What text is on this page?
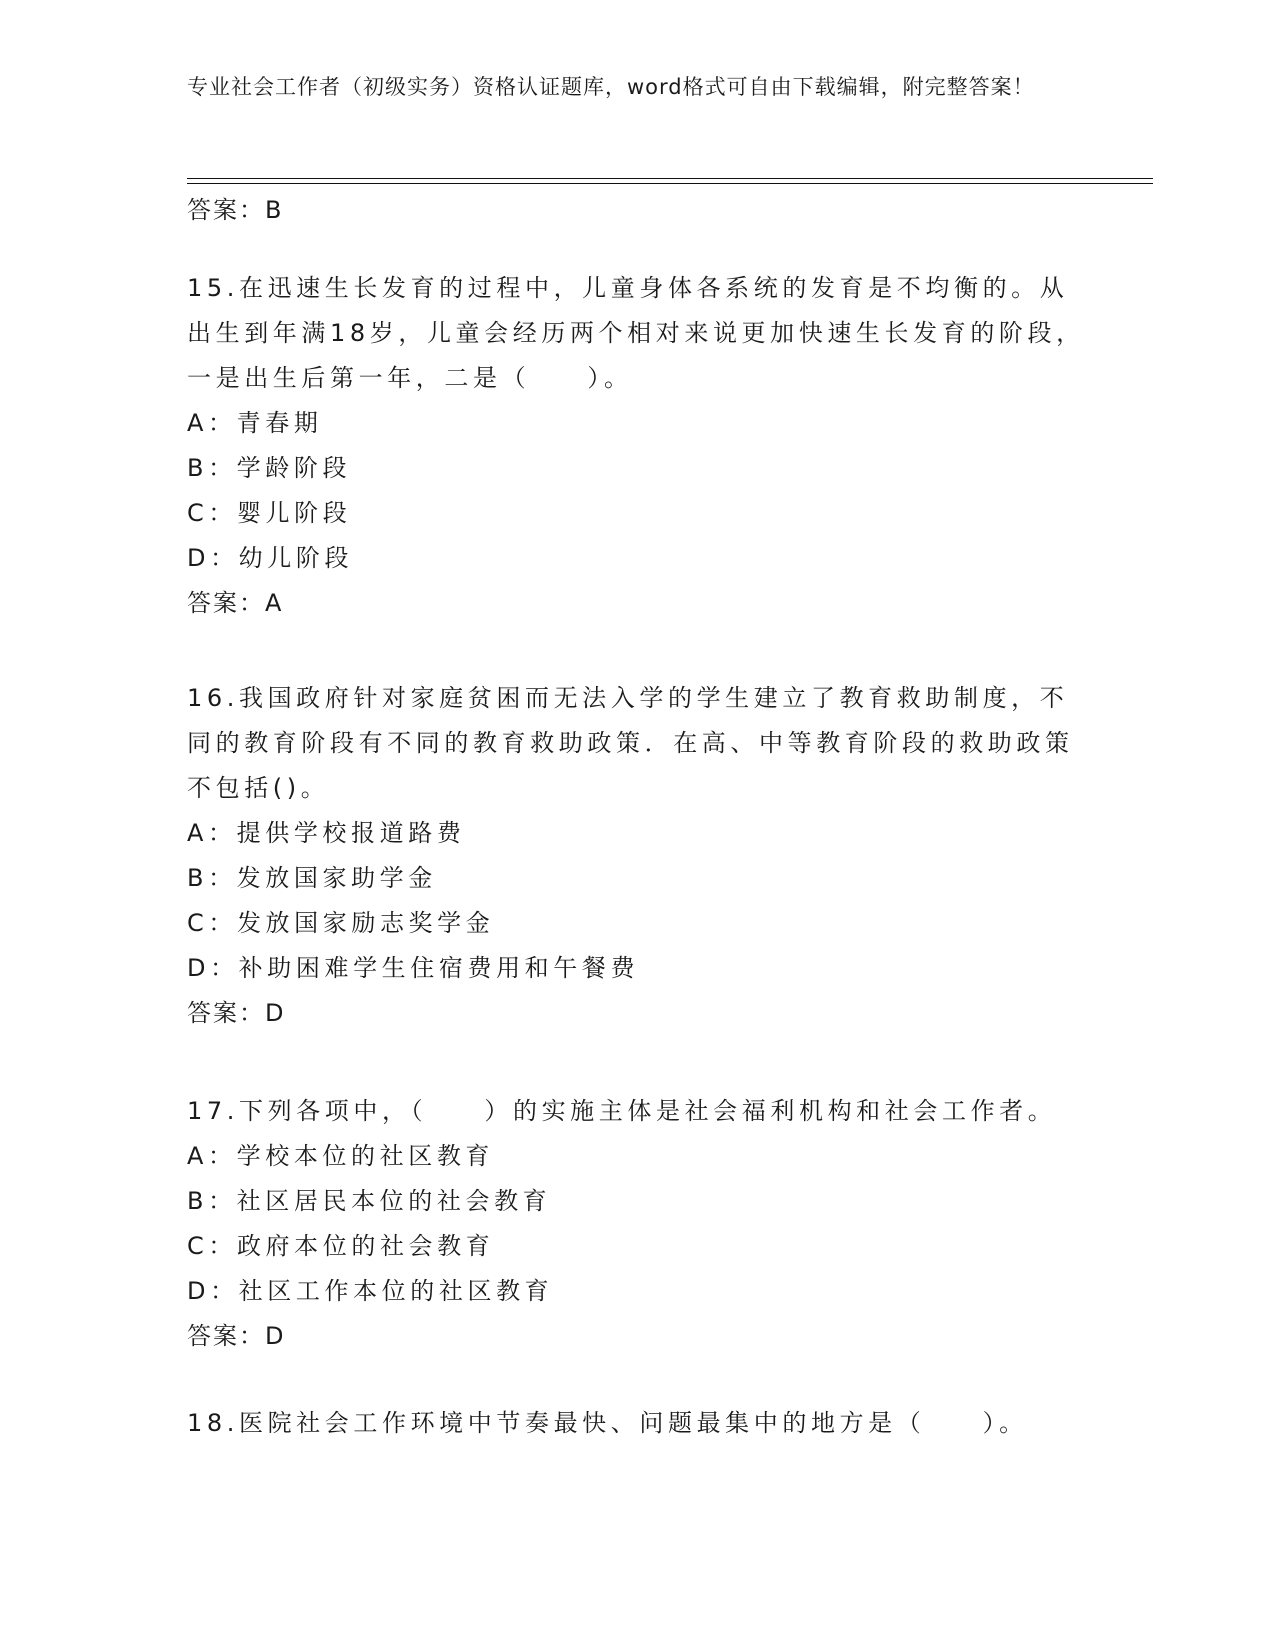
专业社会工作者（初级实务）资格认证题库，word格式可自由下载编辑，附完整答案！
答案：B

15.在迅速生长发育的过程中，儿童身体各系统的发育是不均衡的。从出生到年满18岁，儿童会经历两个相对来说更加快速生长发育的阶段，一是出生后第一年，二是（　　）。

A：青春期

B：学龄阶段

C：婴儿阶段

D：幼儿阶段

答案：A

16.我国政府针对家庭贫困而无法入学的学生建立了教育救助制度，不同的教育阶段有不同的教育救助政策．在高、中等教育阶段的救助政策不包括()。

A：提供学校报道路费

B：发放国家助学金

C：发放国家励志奖学金

D：补助困难学生住宿费用和午餐费

答案：D

17.下列各项中，（　　）的实施主体是社会福利机构和社会工作者。

A：学校本位的社区教育

B：社区居民本位的社会教育

C：政府本位的社会教育

D：社区工作本位的社区教育

答案：D

18.医院社会工作环境中节奏最快、问题最集中的地方是（　　）。
